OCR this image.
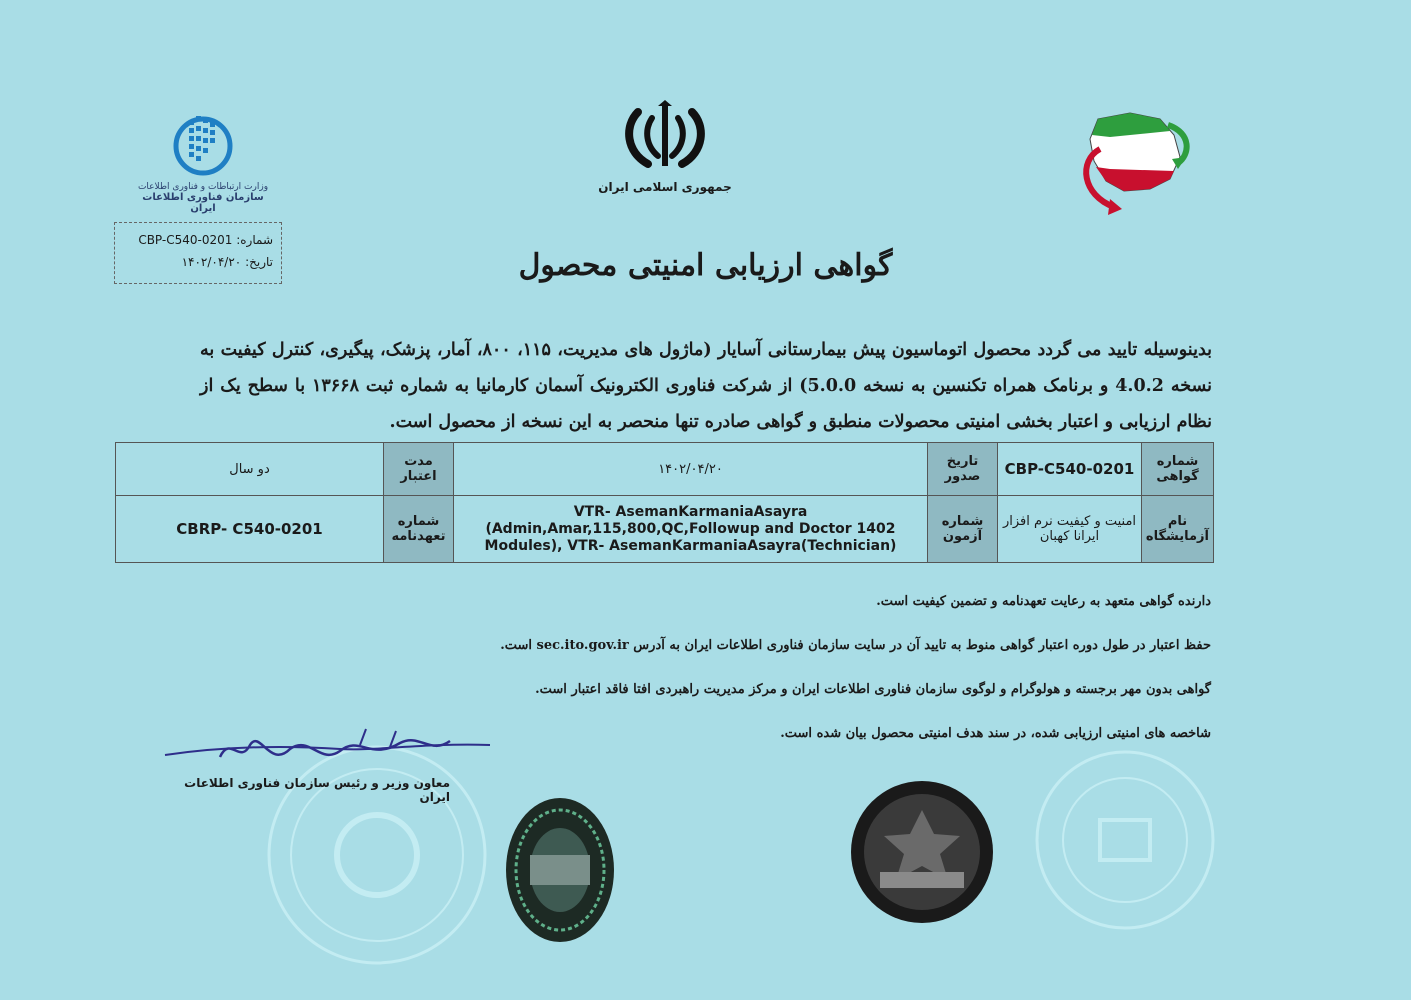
وزارت ارتباطات و فناوری اطلاعات
سازمان فناوری اطلاعات ایران
جمهوری اسلامی ایران
شماره: CBP-C540-0201
تاریخ: ۱۴۰۲/۰۴/۲۰	گواهی ارزیابی امنیتی محصول
بدینوسیله تایید می گردد محصول اتوماسیون پیش بیمارستانی آسایار (ماژول های مدیریت، ۱۱۵، ۸۰۰، آمار، پزشک، پیگیری، کنترل کیفیت به نسخه 4.0.2 و برنامک همراه تکنسین به نسخه 5.0.0) از شرکت فناوری الکترونیک آسمان کارمانیا به شماره ثبت ۱۳۶۶۸ با سطح یک از نظام ارزیابی و اعتبار بخشی امنیتی محصولات منطبق و گواهی صادره تنها منحصر به این نسخه از محصول است.
شماره گواهی	CBP-C540-0201	تاریخ صدور	۱۴۰۲/۰۴/۲۰	مدت اعتبار	دو سال
نام آزمایشگاه	امنیت و کیفیت نرم افزار ایرانا کهبان	شماره آزمون	VTR- AsemanKarmaniaAsayra
(Admin,Amar,115,800,QC,Followup and Doctor 1402
Modules), VTR- AsemanKarmaniaAsayra(Technician)	شماره تعهدنامه	CBRP- C540-0201
دارنده گواهی متعهد به رعایت تعهدنامه و تضمین کیفیت است.
حفظ اعتبار در طول دوره اعتبار گواهی منوط به تایید آن در سایت سازمان فناوری اطلاعات ایران به آدرس sec.ito.gov.ir است.
گواهی بدون مهر برجسته و هولوگرام و لوگوی سازمان فناوری اطلاعات ایران و مرکز مدیریت راهبردی افتا فاقد اعتبار است.
شاخصه های امنیتی ارزیابی شده، در سند هدف امنیتی محصول بیان شده است.
معاون وزیر و رئیس سازمان فناوری اطلاعات ایران
